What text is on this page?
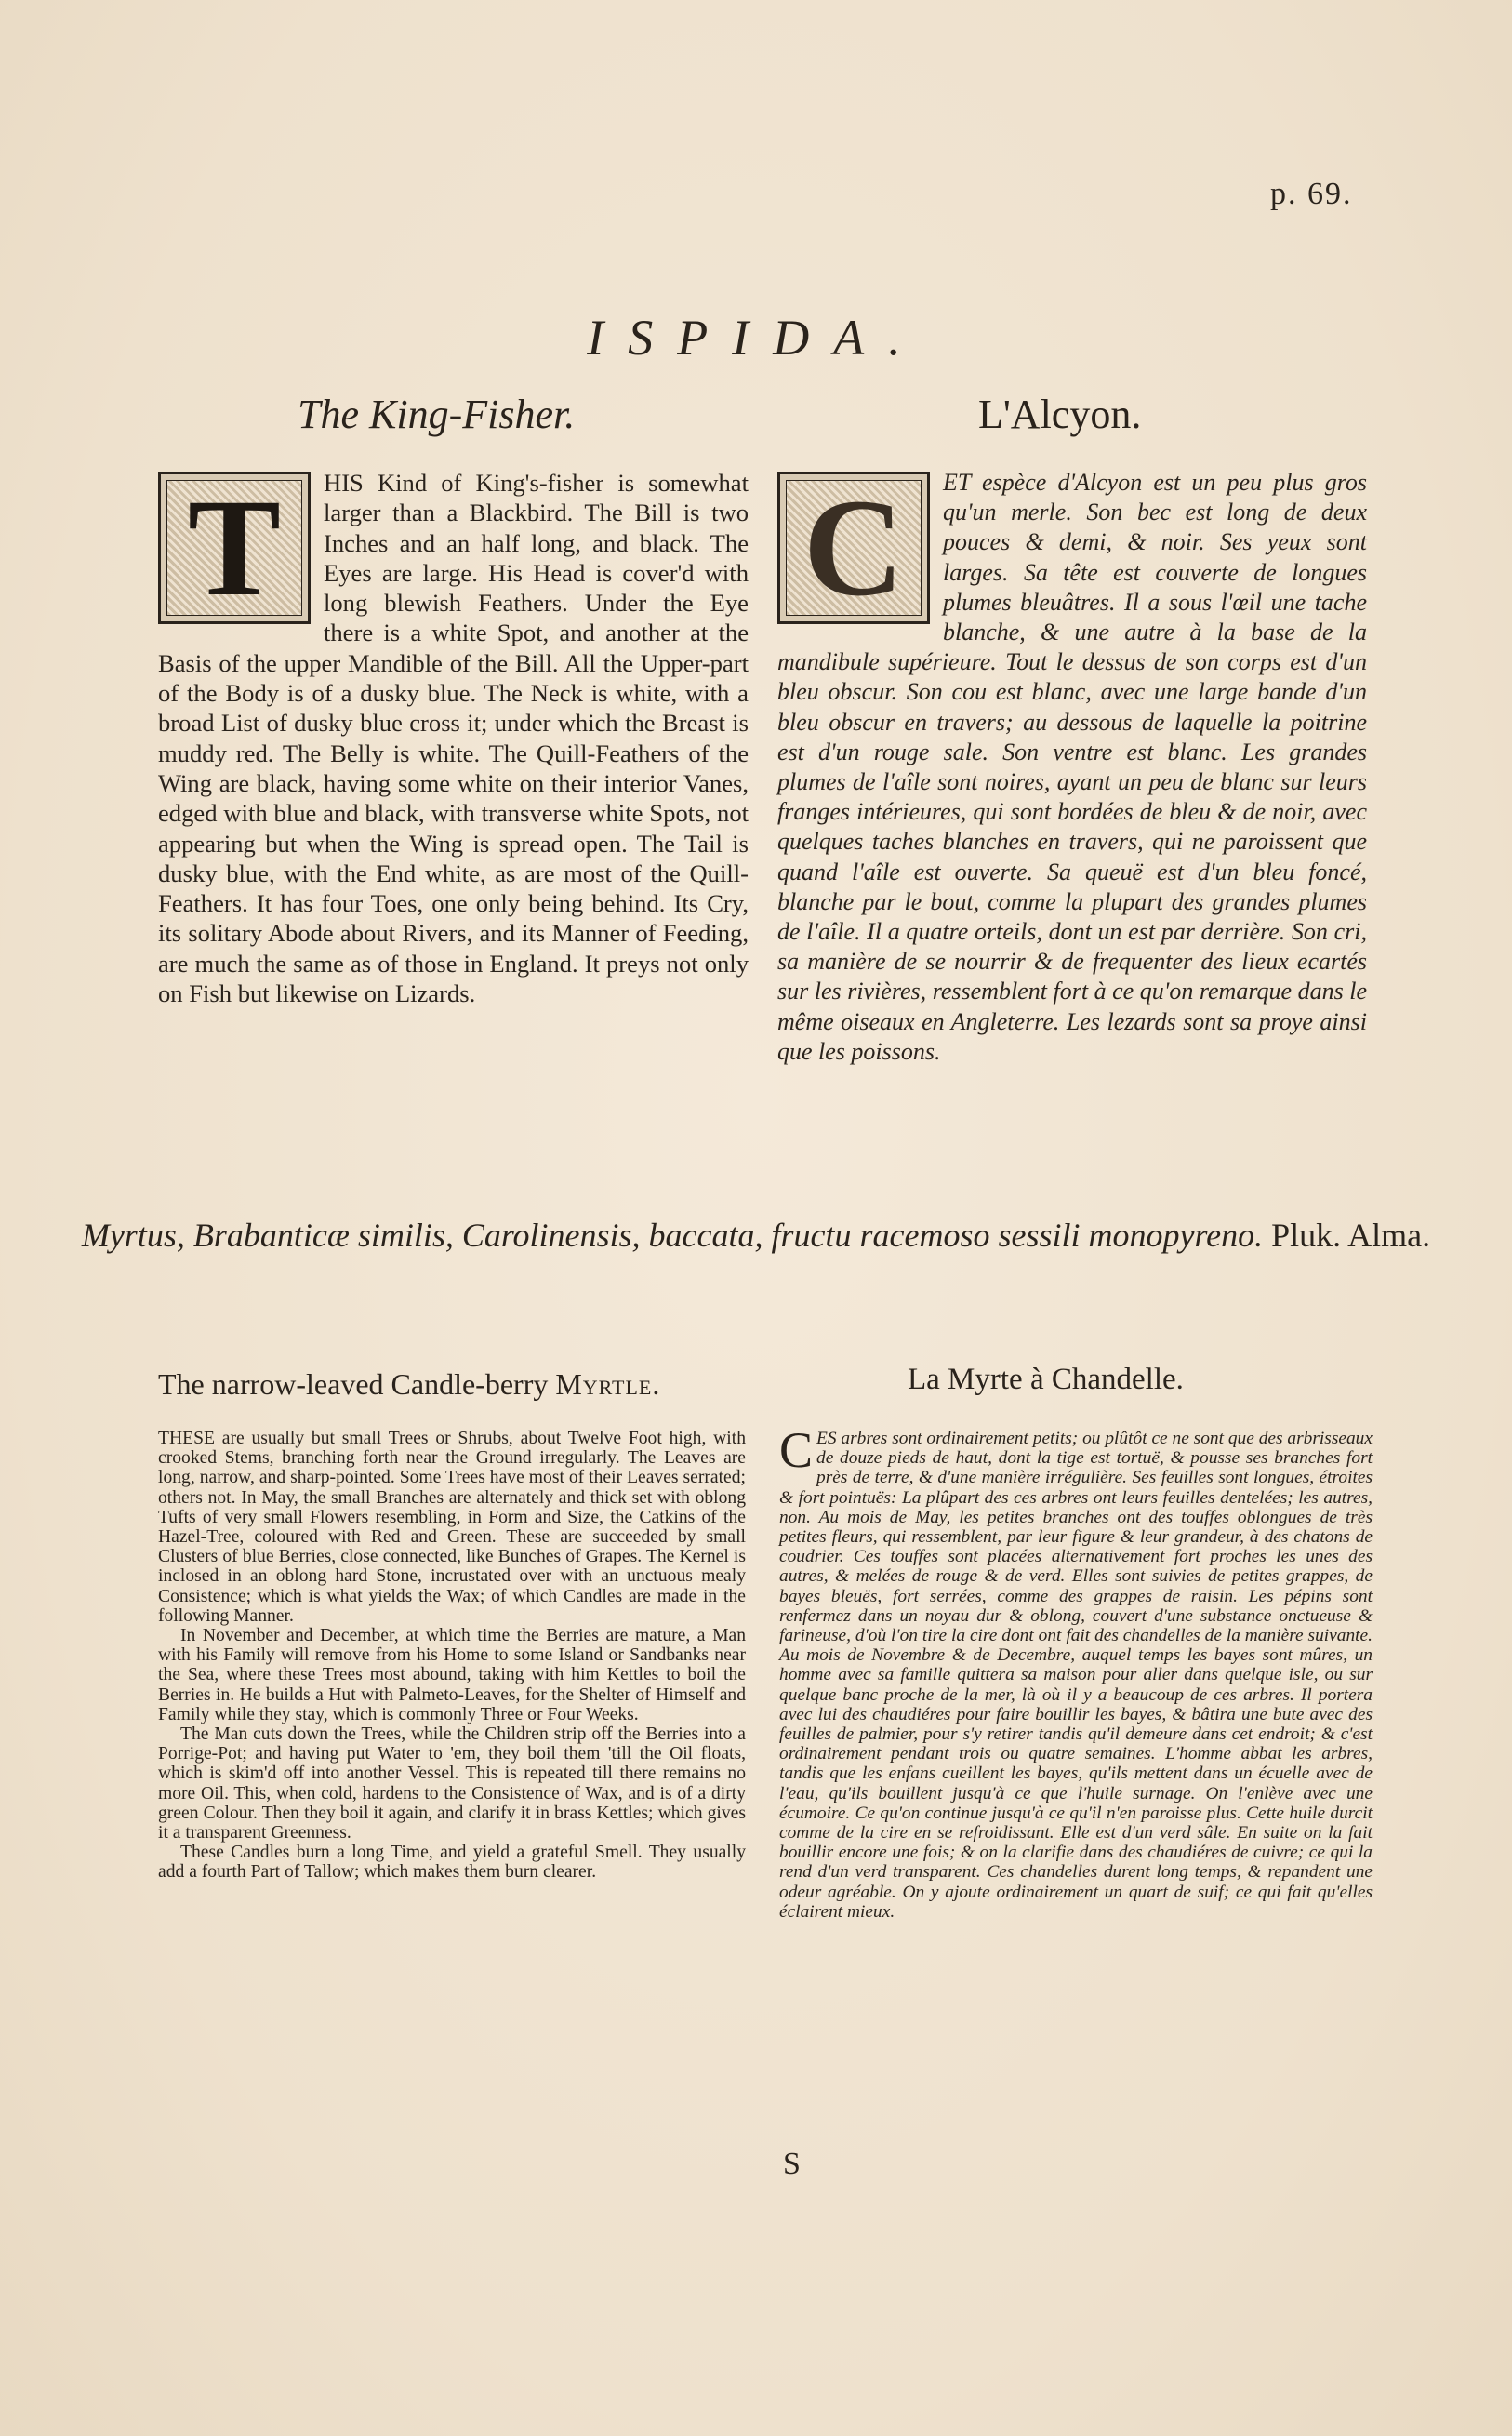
p. 69.
ISPIDA.
The King-Fisher.	L'Alcyon.
T	HIS Kind of King's-fisher is somewhat larger than a Blackbird. The Bill is two Inches and an half long, and black. The Eyes are large. His Head is cover'd with long blewish Feathers. Under the Eye there is a white Spot, and another at the Basis of the upper Mandible of the Bill. All the Upper-part of the Body is of a dusky blue. The Neck is white, with a broad List of dusky blue cross it; under which the Breast is muddy red. The Belly is white. The Quill-Feathers of the Wing are black, having some white on their interior Vanes, edged with blue and black, with transverse white Spots, not appearing but when the Wing is spread open. The Tail is dusky blue, with the End white, as are most of the Quill-Feathers. It has four Toes, one only being behind. Its Cry, its solitary Abode about Rivers, and its Manner of Feeding, are much the same as of those in England. It preys not only on Fish but likewise on Lizards.
C	ET espèce d'Alcyon est un peu plus gros qu'un merle. Son bec est long de deux pouces & demi, & noir. Ses yeux sont larges. Sa tête est couverte de longues plumes bleuâtres. Il a sous l'œil une tache blanche, & une autre à la base de la mandibule supérieure. Tout le dessus de son corps est d'un bleu obscur. Son cou est blanc, avec une large bande d'un bleu obscur en travers; au dessous de laquelle la poitrine est d'un rouge sale. Son ventre est blanc. Les grandes plumes de l'aîle sont noires, ayant un peu de blanc sur leurs franges intérieures, qui sont bordées de bleu & de noir, avec quelques taches blanches en travers, qui ne paroissent que quand l'aîle est ouverte. Sa queuë est d'un bleu foncé, blanche par le bout, comme la plupart des grandes plumes de l'aîle. Il a quatre orteils, dont un est par derrière. Son cri, sa manière de se nourrir & de frequenter des lieux ecartés sur les rivières, ressemblent fort à ce qu'on remarque dans le même oiseaux en Angleterre. Les lezards sont sa proye ainsi que les poissons.
Myrtus, Brabanticæ similis, Carolinensis, baccata, fructu racemoso sessili monopyreno. Pluk. Alma.
The narrow-leaved Candle-berry Myrtle.	La Myrte à Chandelle.

THESE are usually but small Trees or Shrubs, about Twelve Foot high, with crooked Stems, branching forth near the Ground irregularly. The Leaves are long, narrow, and sharp-pointed. Some Trees have most of their Leaves serrated; others not. In May, the small Branches are alternately and thick set with oblong Tufts of very small Flowers resembling, in Form and Size, the Catkins of the Hazel-Tree, coloured with Red and Green. These are succeeded by small Clusters of blue Berries, close connected, like Bunches of Grapes. The Kernel is inclosed in an oblong hard Stone, incrustated over with an unctuous mealy Consistence; which is what yields the Wax; of which Candles are made in the following Manner.

In November and December, at which time the Berries are mature, a Man with his Family will remove from his Home to some Island or Sandbanks near the Sea, where these Trees most abound, taking with him Kettles to boil the Berries in. He builds a Hut with Palmeto-Leaves, for the Shelter of Himself and Family while they stay, which is commonly Three or Four Weeks.

The Man cuts down the Trees, while the Children strip off the Berries into a Porrige-Pot; and having put Water to 'em, they boil them 'till the Oil floats, which is skim'd off into another Vessel. This is repeated till there remains no more Oil. This, when cold, hardens to the Consistence of Wax, and is of a dirty green Colour. Then they boil it again, and clarify it in brass Kettles; which gives it a transparent Greenness.

These Candles burn a long Time, and yield a grateful Smell. They usually add a fourth Part of Tallow; which makes them burn clearer.

CES arbres sont ordinairement petits; ou plûtôt ce ne sont que des arbrisseaux de douze pieds de haut, dont la tige est tortuë, & pousse ses branches fort près de terre, & d'une manière irrégulière. Ses feuilles sont longues, étroites & fort pointuës: La plûpart des ces arbres ont leurs feuilles dentelées; les autres, non. Au mois de May, les petites branches ont des touffes oblongues de très petites fleurs, qui ressemblent, par leur figure & leur grandeur, à des chatons de coudrier. Ces touffes sont placées alternativement fort proches les unes des autres, & melées de rouge & de verd. Elles sont suivies de petites grappes, de bayes bleuës, fort serrées, comme des grappes de raisin. Les pépins sont renfermez dans un noyau dur & oblong, couvert d'une substance onctueuse & farineuse, d'où l'on tire la cire dont ont fait des chandelles de la manière suivante. Au mois de Novembre & de Decembre, auquel temps les bayes sont mûres, un homme avec sa famille quittera sa maison pour aller dans quelque isle, ou sur quelque banc proche de la mer, là où il y a beaucoup de ces arbres. Il portera avec lui des chaudiéres pour faire bouillir les bayes, & bâtira une bute avec des feuilles de palmier, pour s'y retirer tandis qu'il demeure dans cet endroit; & c'est ordinairement pendant trois ou quatre semaines. L'homme abbat les arbres, tandis que les enfans cueillent les bayes, qu'ils mettent dans un écuelle avec de l'eau, qu'ils bouillent jusqu'à ce que l'huile surnage. On l'enlève avec une écumoire. Ce qu'on continue jusqu'à ce qu'il n'en paroisse plus. Cette huile durcit comme de la cire en se refroidissant. Elle est d'un verd sâle. En suite on la fait bouillir encore une fois; & on la clarifie dans des chaudiéres de cuivre; ce qui la rend d'un verd transparent. Ces chandelles durent long temps, & repandent une odeur agréable. On y ajoute ordinairement un quart de suif; ce qui fait qu'elles éclairent mieux.
S
